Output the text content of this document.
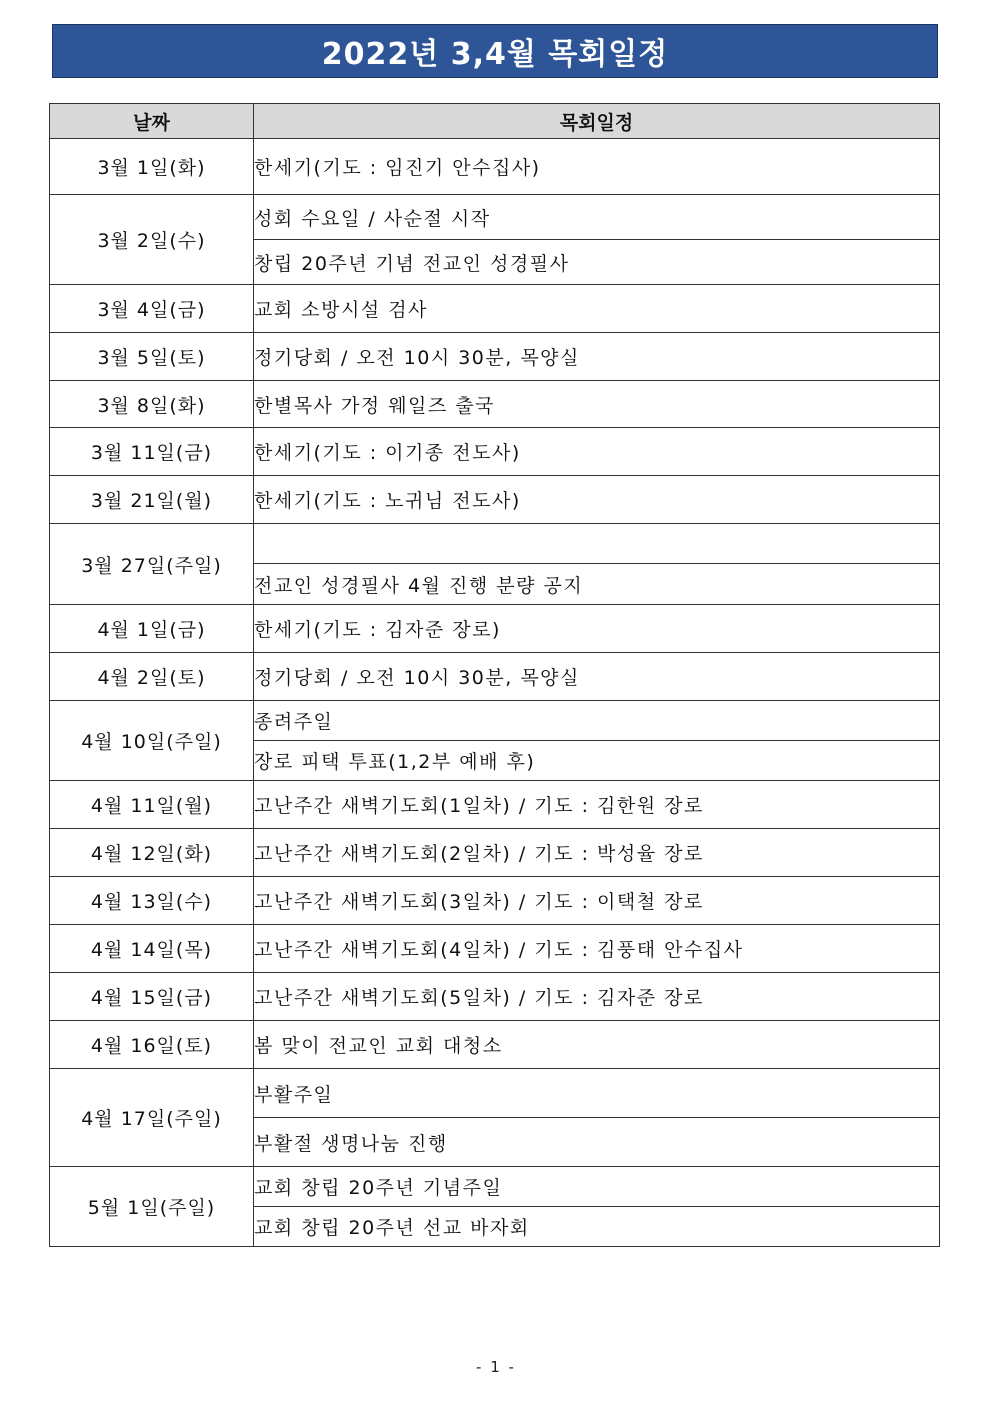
2022년 3,4월 목회일정
날짜	목회일정
3월 1일(화)	한세기(기도 : 임진기 안수집사)
3월 2일(수)	성회 수요일 / 사순절 시작
	창립 20주년 기념 전교인 성경필사
3월 4일(금)	교회 소방시설 검사
3월 5일(토)	정기당회 / 오전 10시 30분, 목양실
3월 8일(화)	한별목사 가정 웨일즈 출국
3월 11일(금)	한세기(기도 : 이기종 전도사)
3월 21일(월)	한세기(기도 : 노귀님 전도사)
3월 27일(주일)	
	전교인 성경필사 4월 진행 분량 공지
4월 1일(금)	한세기(기도 : 김자준 장로)
4월 2일(토)	정기당회 / 오전 10시 30분, 목양실
4월 10일(주일)	종려주일
	장로 피택 투표(1,2부 예배 후)
4월 11일(월)	고난주간 새벽기도회(1일차) / 기도 : 김한원 장로
4월 12일(화)	고난주간 새벽기도회(2일차) / 기도 : 박성율 장로
4월 13일(수)	고난주간 새벽기도회(3일차) / 기도 : 이택철 장로
4월 14일(목)	고난주간 새벽기도회(4일차) / 기도 : 김풍태 안수집사
4월 15일(금)	고난주간 새벽기도회(5일차) / 기도 : 김자준 장로
4월 16일(토)	봄 맞이 전교인 교회 대청소
4월 17일(주일)	부활주일
	부활절 생명나눔 진행
5월 1일(주일)	교회 창립 20주년 기념주일
	교회 창립 20주년 선교 바자회
- 1 -
